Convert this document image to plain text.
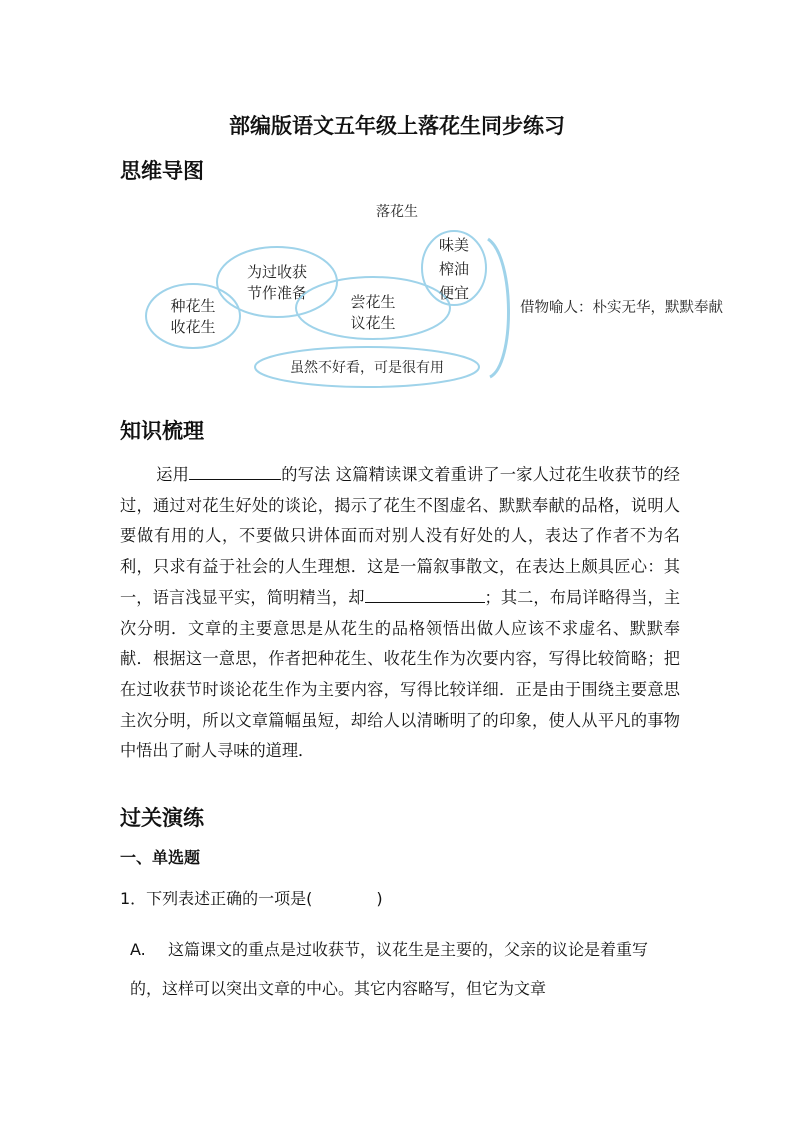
部编版语文五年级上落花生同步练习
思维导图
落花生
种花生
收花生
为过收获
节作准备	尝花生
议花生
味美
榨油
便宜
虽然不好看，可是很有用
借物喻人：朴实无华，默默奉献
知识梳理
运用	的写法 这篇精读课文着重讲了一家人过花生收获节的经过，通过对花生好处的谈论，揭示了花生不图虚名、默默奉献的品格，说明人要做有用的人，不要做只讲体面而对别人没有好处的人，表达了作者不为名利，只求有益于社会的人生理想．这是一篇叙事散文，在表达上颇具匠心：其一，语言浅显平实，简明精当，却	；其二，布局详略得当，主次分明．文章的主要意思是从花生的品格领悟出做人应该不求虚名、默默奉献．根据这一意思，作者把种花生、收花生作为次要内容，写得比较简略；把在过收获节时谈论花生作为主要内容，写得比较详细．正是由于围绕主要意思主次分明，所以文章篇幅虽短，却给人以清晰明了的印象，使人从平凡的事物中悟出了耐人寻味的道理．
过关演练
一、单选题
1．下列表述正确的一项是(　　　　)
A. 这篇课文的重点是过收获节，议花生是主要的，父亲的议论是着重写的，这样可以突出文章的中心。其它内容略写，但它为文章
